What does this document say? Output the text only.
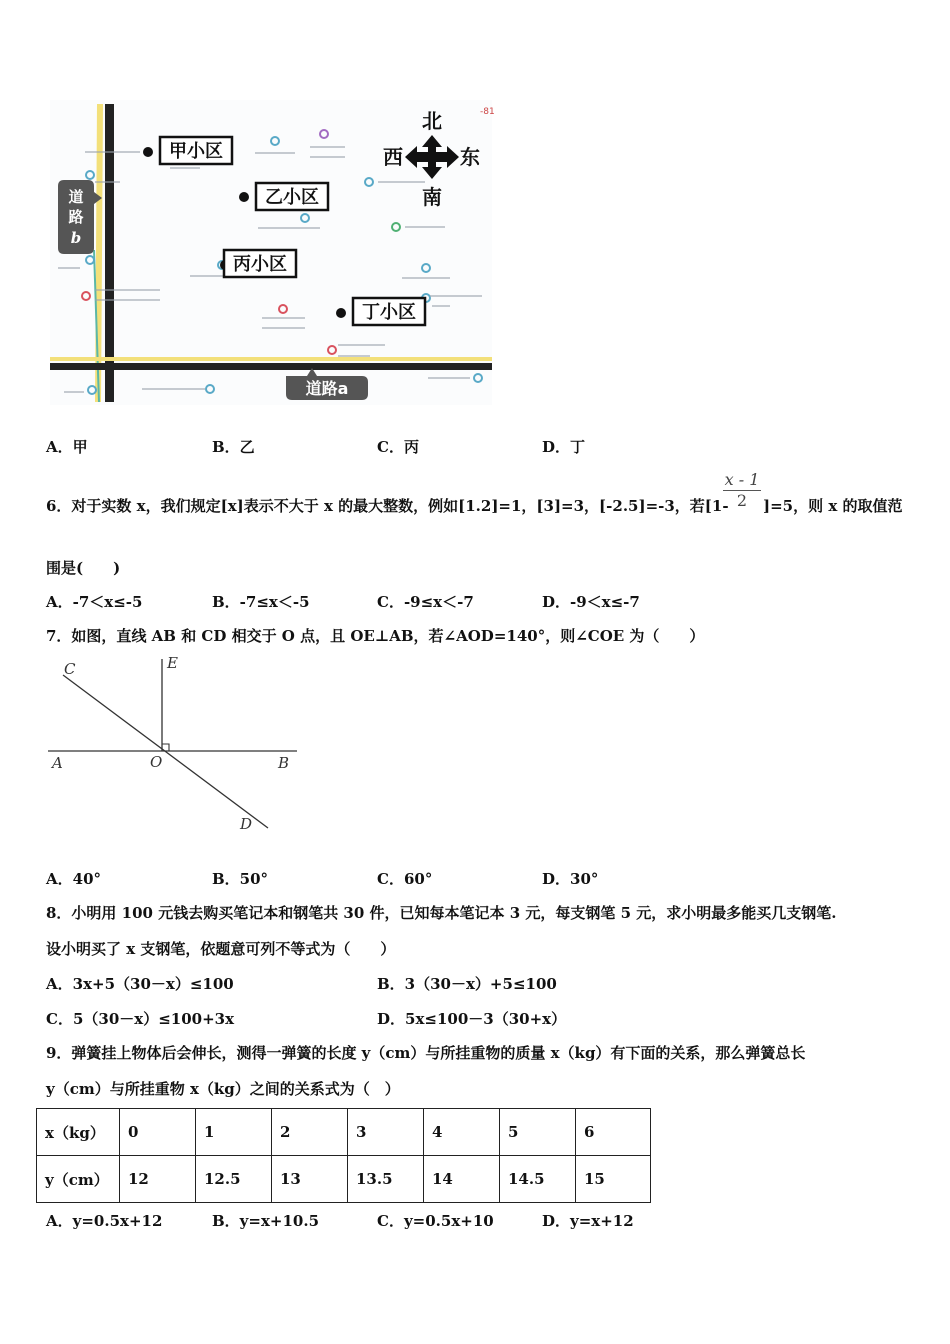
-81
北
西	东
南
甲小区
乙小区
丙小区
丁小区
道
路
b
道路a
A．甲	B．乙	C．丙	D．丁
6．对于实数 x，我们规定[x]表示不大于 x 的最大整数，例如[1.2]=1，[3]=3，[-2.5]=-3，若[1-
$\frac{x - 1}{2} ]=5$，则 x 的取值范
围是(　　)
A．-7＜x≤-5	B．-7≤x＜-5	C．-9≤x＜-7	D．-9＜x≤-7
7．如图，直线 AB 和 CD 相交于 O 点，且 OE⊥AB，若∠AOD=140°，则∠COE 为（　　）
C	E
A	O	B
D
A．40°	B．50°	C．60°	D．30°
8．小明用 100 元钱去购买笔记本和钢笔共 30 件，已知每本笔记本 3 元，每支钢笔 5 元，求小明最多能买几支钢笔.
设小明买了 x 支钢笔，依题意可列不等式为（　　）
A．3x+5（30－x）≤100	B．3（30－x）+5≤100
C．5（30－x）≤100+3x	D．5x≤100－3（30+x）
9．弹簧挂上物体后会伸长，测得一弹簧的长度 y（cm）与所挂重物的质量 x（kg）有下面的关系，那么弹簧总长
y（cm）与所挂重物 x（kg）之间的关系式为（　）
x（kg）	0	1	2	3	4	5	6
y（cm）	12	12.5	13	13.5	14	14.5	15
A．y=0.5x+12	B．y=x+10.5	C．y=0.5x+10	D．y=x+12
